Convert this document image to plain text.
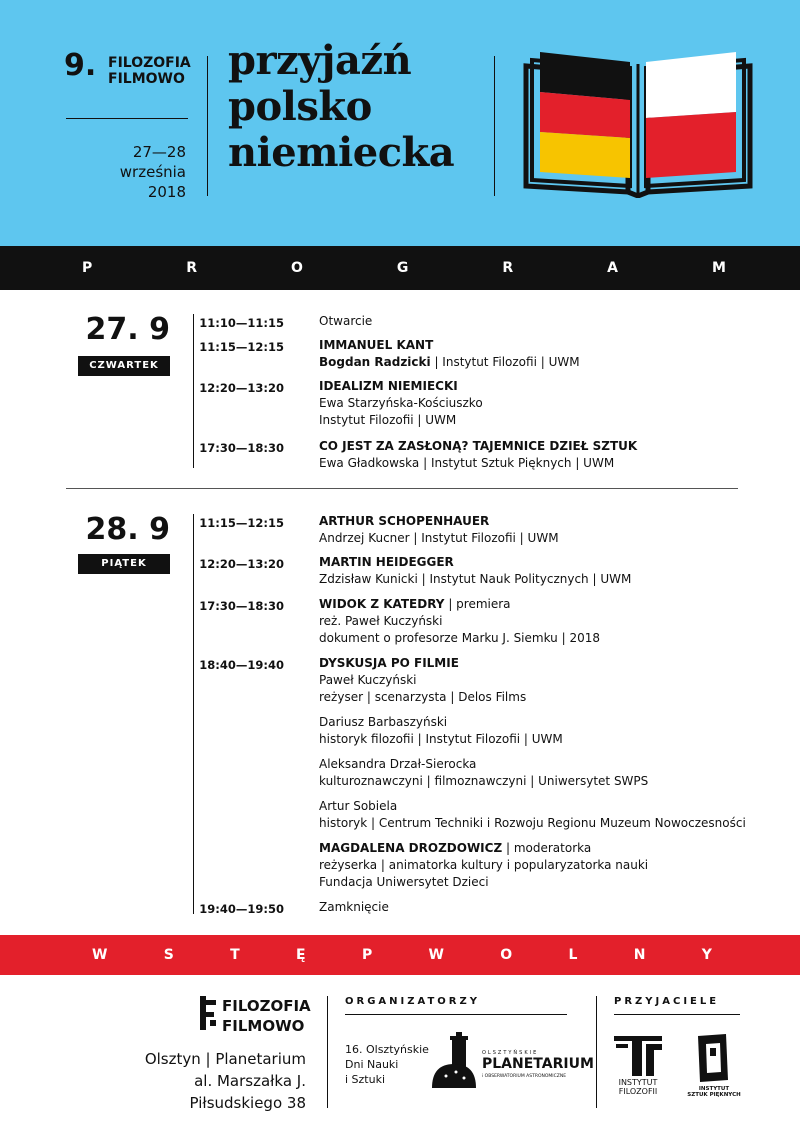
9. FILOZOFIA
FILMOWO
27—28
września
2018
przyjaźń
polsko
niemiecka
P	R	O	G	R	A	M
27. 9
CZWARTEK
11:10—11:15	Otwarcie
11:15—12:15	IMMANUEL KANT
Bogdan Radzicki | Instytut Filozofii | UWM
12:20—13:20	IDEALIZM NIEMIECKI
Ewa Starzyńska-Kościuszko
Instytut Filozofii | UWM
17:30—18:30	CO JEST ZA ZASŁONĄ? TAJEMNICE DZIEŁ SZTUK
Ewa Gładkowska | Instytut Sztuk Pięknych | UWM
28. 9
PIĄTEK
11:15—12:15	ARTHUR SCHOPENHAUER
Andrzej Kucner | Instytut Filozofii | UWM
12:20—13:20	MARTIN HEIDEGGER
Zdzisław Kunicki | Instytut Nauk Politycznych | UWM
17:30—18:30	WIDOK Z KATEDRY | premiera
reż. Paweł Kuczyński
dokument o profesorze Marku J. Siemku | 2018
18:40—19:40	DYSKUSJA PO FILMIE
Paweł Kuczyński
reżyser | scenarzysta | Delos Films
Dariusz Barbaszyński
historyk filozofii | Instytut Filozofii | UWM
Aleksandra Drzał-Sierocka
kulturoznawczyni | filmoznawczyni | Uniwersytet SWPS
Artur Sobiela
historyk | Centrum Techniki i Rozwoju Regionu Muzeum Nowoczesności
MAGDALENA DROZDOWICZ | moderatorka
reżyserka | animatorka kultury i popularyzatorka nauki
Fundacja Uniwersytet Dzieci
19:40—19:50	Zamknięcie
W	S	T	Ę	P	W	O	L	N	Y
FILOZOFIA
FILMOWO
Olsztyn | Planetarium
al. Marszałka J. Piłsudskiego 38
ORGANIZATORZY
16. Olsztyńskie
Dni Nauki
i Sztuki
OLSZTYŃSKIE
PLANETARIUM
i OBSERWATORIUM ASTRONOMICZNE
PRZYJACIELE
INSTYTUT
FILOZOFII	INSTYTUT
SZTUK PIĘKNYCH
